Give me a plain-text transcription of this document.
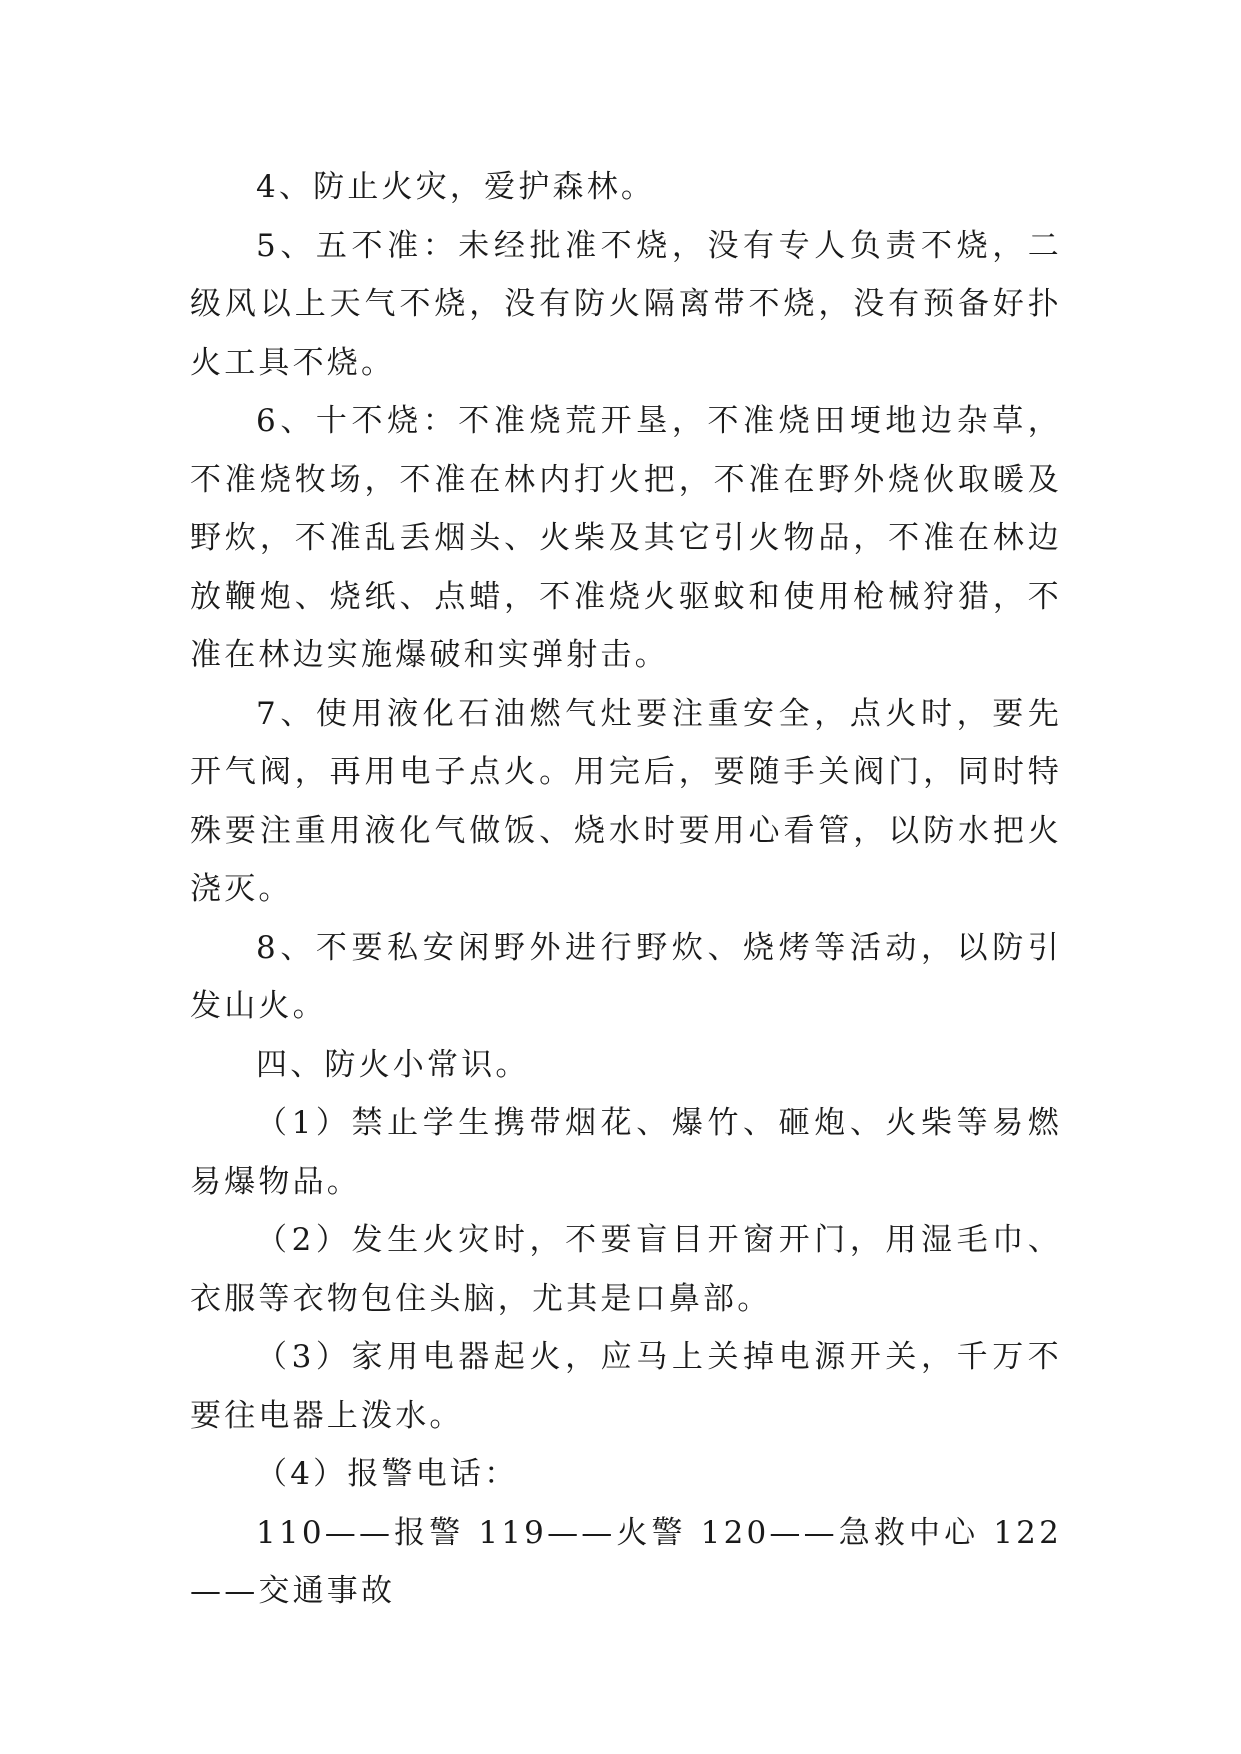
4、防止火灾，爱护森林。

5、五不准：未经批准不烧，没有专人负责不烧，二级风以上天气不烧，没有防火隔离带不烧，没有预备好扑火工具不烧。

6、十不烧：不准烧荒开垦，不准烧田埂地边杂草，不准烧牧场，不准在林内打火把，不准在野外烧伙取暖及野炊，不准乱丢烟头、火柴及其它引火物品，不准在林边放鞭炮、烧纸、点蜡，不准烧火驱蚊和使用枪械狩猎，不准在林边实施爆破和实弹射击。

7、使用液化石油燃气灶要注重安全，点火时，要先开气阀，再用电子点火。用完后，要随手关阀门，同时特殊要注重用液化气做饭、烧水时要用心看管，以防水把火浇灭。

8、不要私安闲野外进行野炊、烧烤等活动，以防引发山火。

四、防火小常识。

（1）禁止学生携带烟花、爆竹、砸炮、火柴等易燃易爆物品。

（2）发生火灾时，不要盲目开窗开门，用湿毛巾、衣服等衣物包住头脑，尤其是口鼻部。

（3）家用电器起火，应马上关掉电源开关，千万不要往电器上泼水。

（4）报警电话：

110——报警 119——火警 120——急救中心 122——交通事故
